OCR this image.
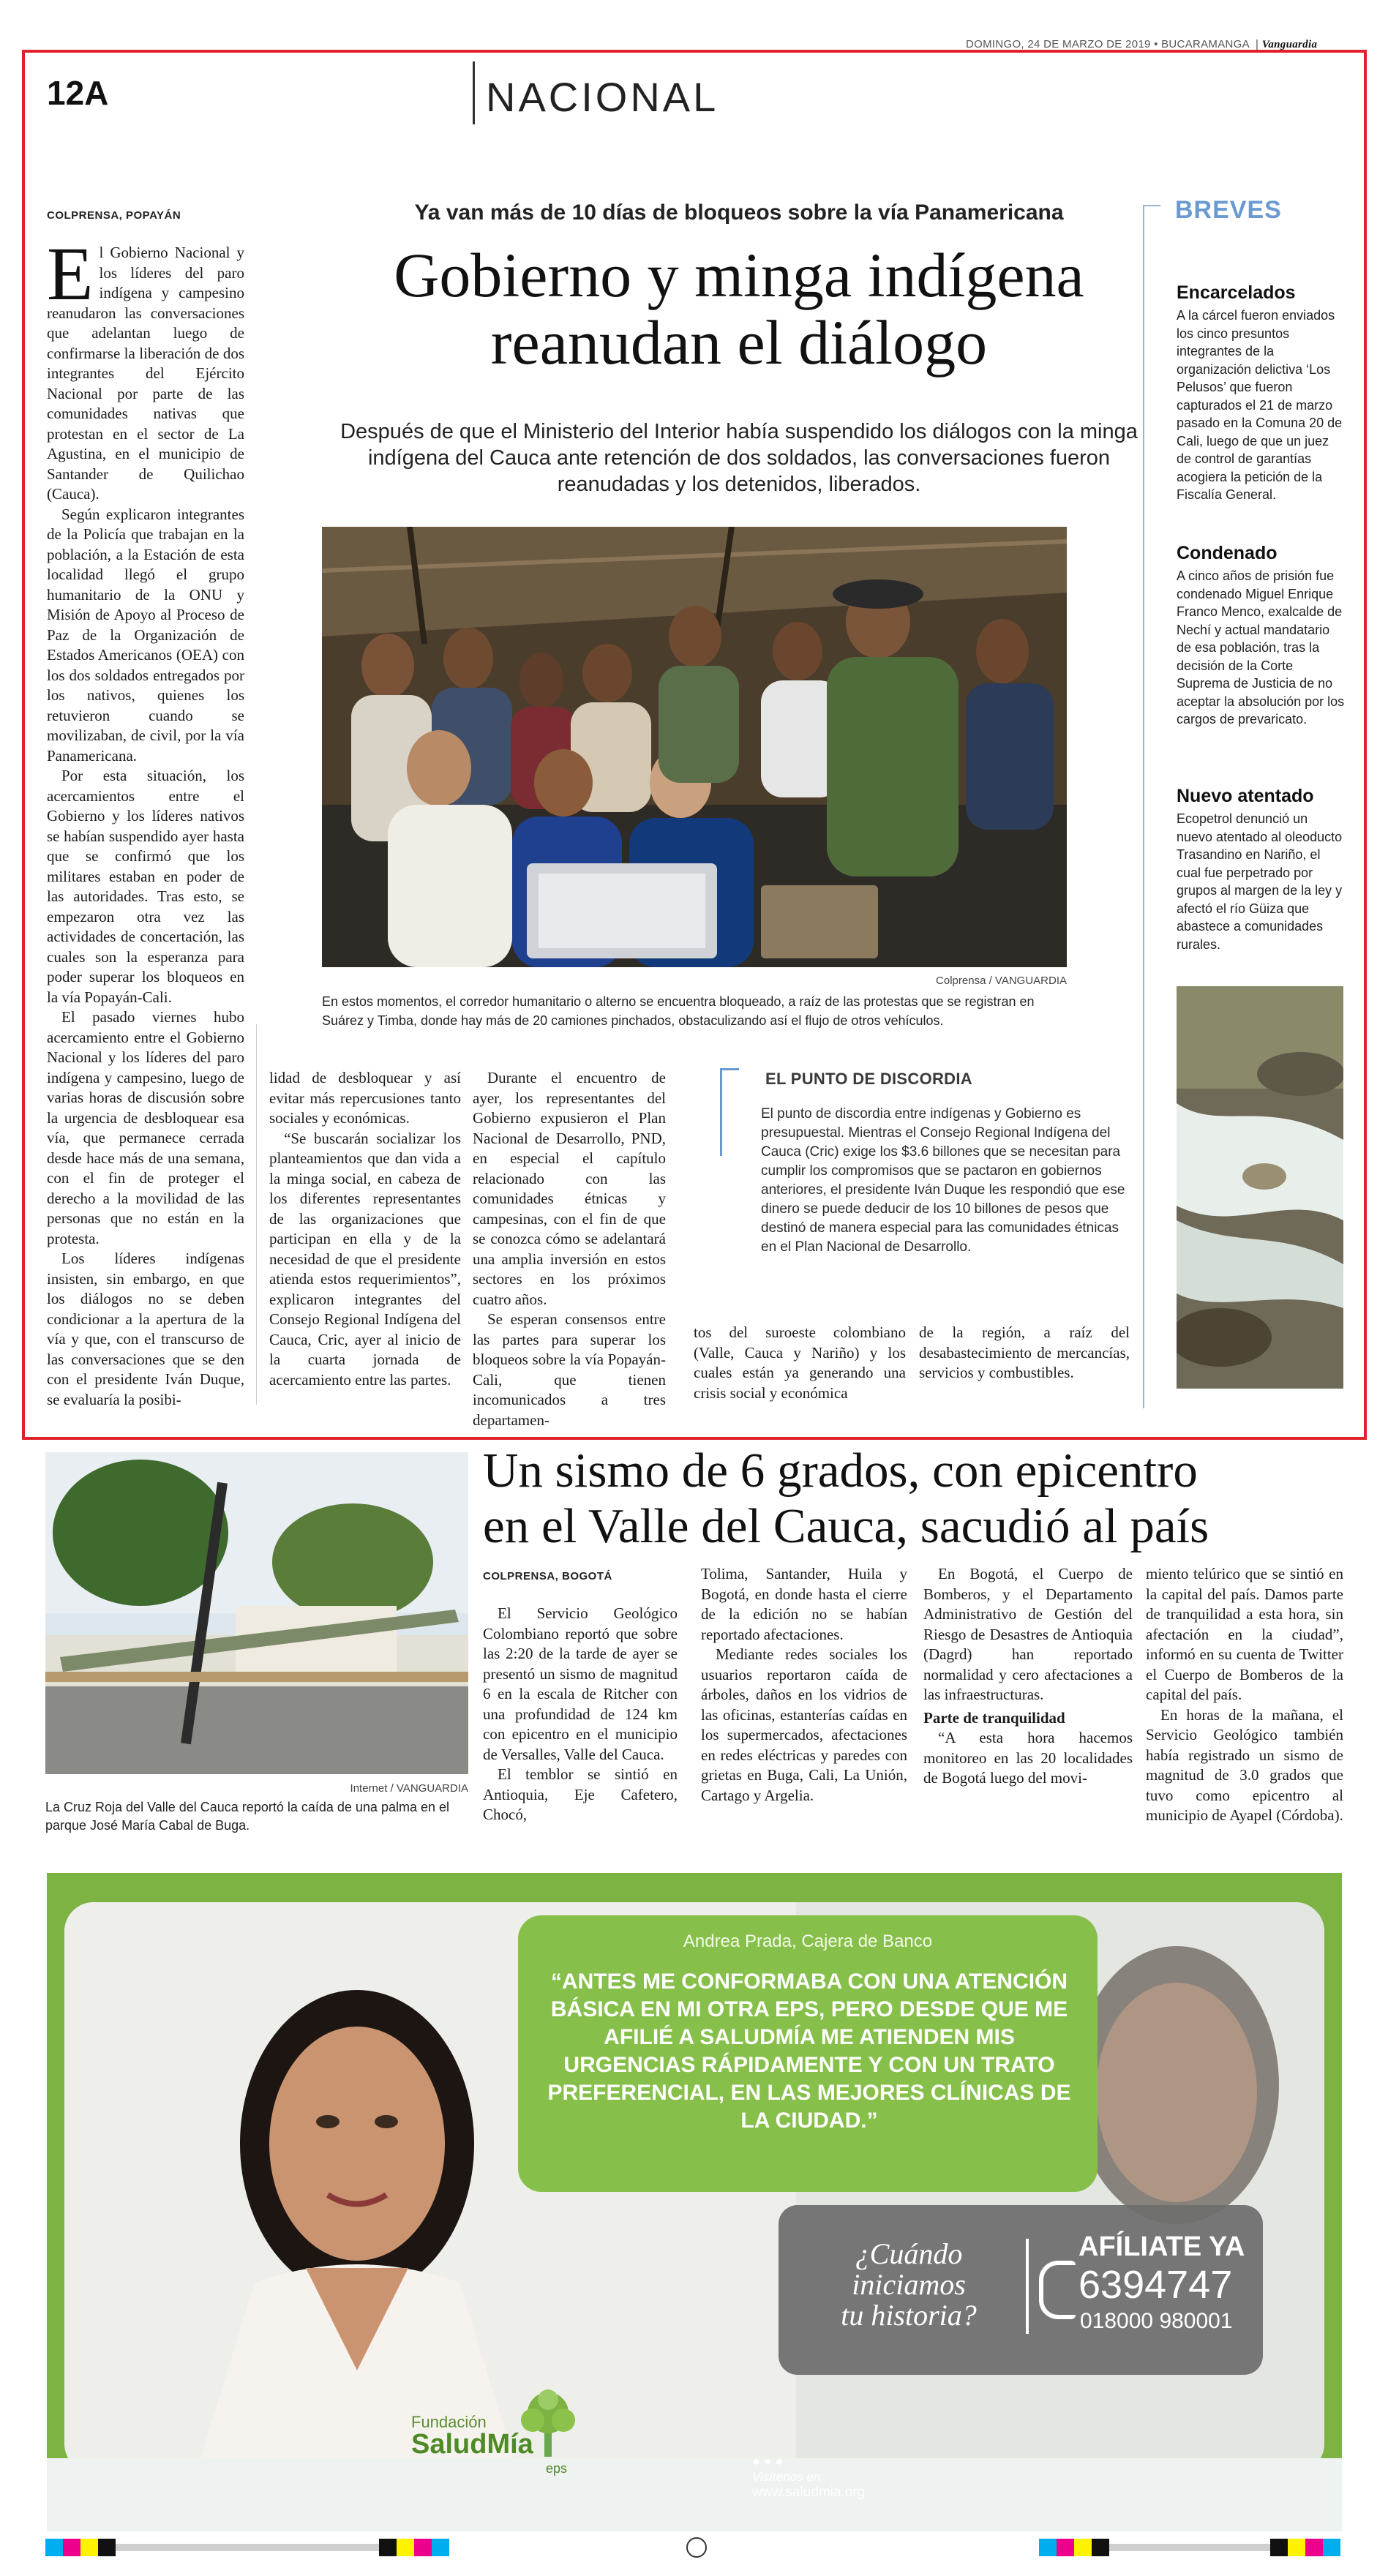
DOMINGO, 24 DE MARZO DE 2019 • BUCARAMANGA  | Vanguardia
12A	NACIONAL
COLPRENSA, POPAYÁN	Ya van más de 10 días de bloqueos sobre la vía Panamericana
Gobierno y minga indígena
reanudan el diálogo
Después de que el Ministerio del Interior había suspendido los diálogos con la minga indígena del Cauca ante retención de dos soldados, las conversaciones fueron reanudadas y los detenidos, liberados.
Colprensa / VANGUARDIA
En estos momentos, el corredor humanitario o alterno se encuentra bloqueado, a raíz de las protestas que se registran en Suárez y Timba, donde hay más de 20 camiones pinchados, obstaculizando así el flujo de otros vehículos.

El Gobierno Nacional y los líderes del paro indígena y campesino reanudaron las conversaciones que adelantan luego de confirmarse la liberación de dos integrantes del Ejército Nacional por parte de las comunidades nativas que protestan en el sector de La Agustina, en el municipio de Santander de Quilichao (Cauca).

Según explicaron integrantes de la Policía que trabajan en la población, a la Estación de esta localidad llegó el grupo humanitario de la ONU y Misión de Apoyo al Proceso de Paz de la Organización de Estados Americanos (OEA) con los dos soldados entregados por los nativos, quienes los retuvieron cuando se movilizaban, de civil, por la vía Panamericana.

Por esta situación, los acercamientos entre el Gobierno y los líderes nativos se habían suspendido ayer hasta que se confirmó que los militares estaban en poder de las autoridades. Tras esto, se empezaron otra vez las actividades de concertación, las cuales son la esperanza para poder superar los bloqueos en la vía Popayán-Cali.

El pasado viernes hubo acercamiento entre el Gobierno Nacional y los líderes del paro indígena y campesino, luego de varias horas de discusión sobre la urgencia de desbloquear esa vía, que permanece cerrada desde hace más de una semana, con el fin de proteger el derecho a la movilidad de las personas que no están en la protesta.

Los líderes indígenas insisten, sin embargo, en que los diálogos no se deben condicionar a la apertura de la vía y que, con el transcurso de las conversaciones que se den con el presidente Iván Duque, se evaluaría la posibi-

lidad de desbloquear y así evitar más repercusiones tanto sociales y económicas.

“Se buscarán socializar los planteamientos que dan vida a la minga social, en cabeza de los diferentes representantes de las organizaciones que participan en ella y de la necesidad de que el presidente atienda estos requerimientos”, explicaron integrantes del Consejo Regional Indígena del Cauca, Cric, ayer al inicio de la cuarta jornada de acercamiento entre las partes.

Durante el encuentro de ayer, los representantes del Gobierno expusieron el Plan Nacional de Desarrollo, PND, en especial el capítulo relacionado con las comunidades étnicas y campesinas, con el fin de que se conozca cómo se adelantará una amplia inversión en estos sectores en los próximos cuatro años.

Se esperan consensos entre las partes para superar los bloqueos sobre la vía Popayán-Cali, que tienen incomunicados a tres departamen-

tos del suroeste colombiano (Valle, Cauca y Nariño) y los cuales están ya generando una crisis social y económica

de la región, a raíz del desabastecimiento de mercancías, servicios y combustibles.

EL PUNTO DE DISCORDIA
El punto de discordia entre indígenas y Gobierno es presupuestal. Mientras el Consejo Regional Indígena del Cauca (Cric) exige los $3.6 billones que se necesitan para cumplir los compromisos que se pactaron en gobiernos anteriores, el presidente Iván Duque les respondió que ese dinero se puede deducir de los 10 billones de pesos que destinó de manera especial para las comunidades étnicas en el Plan Nacional de Desarrollo.
BREVES
Encarcelados
A la cárcel fueron enviados los cinco presuntos integrantes de la organización delictiva ‘Los Pelusos’ que fueron capturados el 21 de marzo pasado en la Comuna 20 de Cali, luego de que un juez de control de garantías acogiera la petición de la Fiscalía General.
Condenado
A cinco años de prisión fue condenado Miguel Enrique Franco Menco, exalcalde de Nechí y actual mandatario de esa población, tras la decisión de la Corte Suprema de Justicia de no aceptar la absolución por los cargos de prevaricato.
Nuevo atentado
Ecopetrol denunció un nuevo atentado al oleoducto Trasandino en Nariño, el cual fue perpetrado por grupos al margen de la ley y afectó el río Güiza que abastece a comunidades rurales.
Internet / VANGUARDIA
La Cruz Roja del Valle del Cauca reportó la caída de una palma en el parque José María Cabal de Buga.
Un sismo de 6 grados, con epicentro
en el Valle del Cauca, sacudió al país
COLPRENSA, BOGOTÁ

El Servicio Geológico Colombiano reportó que sobre las 2:20 de la tarde de ayer se presentó un sismo de magnitud 6 en la escala de Ritcher con una profundidad de 124 km con epicentro en el municipio de Versalles, Valle del Cauca.

El temblor se sintió en Antioquia, Eje Cafetero, Chocó,

Tolima, Santander, Huila y Bogotá, en donde hasta el cierre de la edición no se habían reportado afectaciones.

Mediante redes sociales los usuarios reportaron caída de árboles, daños en los vidrios de las oficinas, estanterías caídas en los supermercados, afectaciones en redes eléctricas y paredes con grietas en Buga, Cali, La Unión, Cartago y Argelia.

En Bogotá, el Cuerpo de Bomberos, y el Departamento Administrativo de Gestión del Riesgo de Desastres de Antioquia (Dagrd) han reportado normalidad y cero afectaciones a las infraestructuras.

Parte de tranquilidad

“A esta hora hacemos monitoreo en las 20 localidades de Bogotá luego del movi-

miento telúrico que se sintió en la capital del país. Damos parte de tranquilidad a esta hora, sin afectación en la ciudad”, informó en su cuenta de Twitter el Cuerpo de Bomberos de la capital del país.

En horas de la mañana, el Servicio Geológico también había registrado un sismo de magnitud de 3.0 grados que tuvo como epicentro al municipio de Ayapel (Córdoba).

Andrea Prada, Cajera de Banco
“ANTES ME CONFORMABA CON UNA ATENCIÓN BÁSICA EN MI OTRA EPS, PERO DESDE QUE ME AFILIÉ A SALUDMÍA ME ATIENDEN MIS URGENCIAS RÁPIDAMENTE Y CON UN TRATO PREFERENCIAL, EN LAS MEJORES CLÍNICAS DE LA CIUDAD.”
¿Cuándo
iniciamos
tu historia?
AFÍLIATE YA
6394747
018000 980001
Fundación
SaludMía
eps	● ● ●
Visítenos en:
www.saludmia.org
